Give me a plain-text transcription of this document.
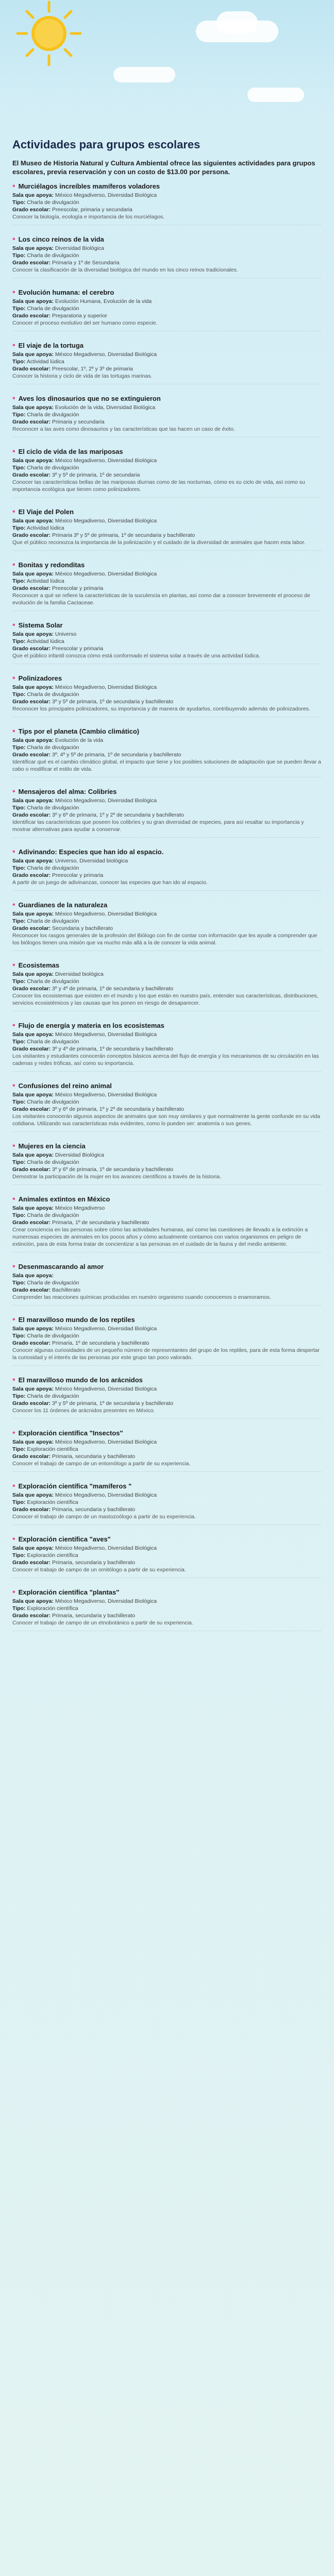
Actividades para grupos escolares

El Museo de Historia Natural y Cultura Ambiental ofrece las siguientes actividades para grupos escolares, previa reservación y con un costo de $13.00 por persona.

• Murciélagos increíbles mamíferos voladores
Sala que apoya: México Megadiverso, Diversidad Biológica
Tipo: Charla de divulgación
Grado escolar: Preescolar, primaria y secundaria
Conocer la biología, ecología e importancia de los murciélagos.
• Los cinco reinos de la vida
Sala que apoya: Diversidad Biológica
Tipo: Charla de divulgación
Grado escolar: Primaria y 1º de Secundaria
Conocer la clasificación de la diversidad biológica del mundo en los cinco reinos tradicionales.
• Evolución humana: el cerebro
Sala que apoya: Evolución Humana, Evolución de la vida
Tipo: Charla de divulgación
Grado escolar: Preparatoria y superior
Conocer el proceso evolutivo del ser humano como especie.
• El viaje de la tortuga
Sala que apoya: México Megadiverso, Diversidad Biológica
Tipo: Actividad lúdica
Grado escolar: Preescolar, 1º, 2º y 3º de primaria
Conocer la historia y ciclo de vida de las tortugas marinas.
• Aves los dinosaurios que no se extinguieron
Sala que apoya: Evolución de la vida, Diversidad Biológica
Tipo: Charla de divulgación
Grado escolar: Primaria y secundaria
Reconocer a las aves como dinosaurios y las características que las hacen un caso de éxito.
• El ciclo de vida de las mariposas
Sala que apoya: México Megadiverso, Diversidad Biológica
Tipo: Charla de divulgación
Grado escolar: 3º y 5º de primaria, 1º de secundaria
Conocer las características bellas de las mariposas diurnas como de las nocturnas, cómo es su ciclo de vida, así como su importancia ecológica que tienen como polinizadores.
• El Viaje del Polen
Sala que apoya: México Megadiverso, Diversidad Biológica
Tipo: Actividad lúdica
Grado escolar: Primaria 3º y 5º de primaria, 1º de secundaria y bachillerato
Que el público reconozca la importancia de la polinización y el cuidado de la diversidad de animales que hacen esta labor.
• Bonitas y redonditas
Sala que apoya: México Megadiverso, Diversidad Biológica
Tipo: Actividad lúdica
Grado escolar: Preescolar y primaria
Reconocer a qué se refiere la características de la suculencia en plantas, así como dar a conocer brevemente el proceso de evolución de la familia Cactaceae.
• Sistema Solar
Sala que apoya: Universo
Tipo: Actividad lúdica
Grado escolar: Preescolar y primaria
Que el público infantil conozca cómo está conformado el sistema solar a través de una actividad lúdica.
• Polinizadores
Sala que apoya: México Megadiverso, Diversidad Biológica
Tipo: Charla de divulgación
Grado escolar: 3º y 5º de primaria, 1º de secundaria y bachillerato
Reconocer los principales polinizadores, su importancia y de manera de ayudarlos, contribuyendo además de polinizadores.
• Tips por el planeta (Cambio climático)
Sala que apoya: Evolución de la vida
Tipo: Charla de divulgación
Grado escolar: 3º, 4º y 5º de primaria, 1º de secundaria y bachillerato
Identificar qué es el cambio climático global, el impacto que tiene y los posibles soluciones de adaptación que se pueden llevar a cabo o modificar el estilo de vida.
• Mensajeros del alma: Colibríes
Sala que apoya: México Megadiverso, Diversidad Biológica
Tipo: Charla de divulgación
Grado escolar: 3º y 6º de primaria, 1º y 2º de secundaria y bachillerato
Identificar las características que poseen los colibríes y su gran diversidad de especies, para así resaltar su importancia y mostrar alternativas para ayudar a conservar.
• Adivinando: Especies que han ido al espacio.
Sala que apoya: Universo, Diversidad biológica
Tipo: Charla de divulgación
Grado escolar: Preescolar y primaria
A partir de un juego de adivinanzas, conocer las especies que han ido al espacio.
• Guardianes de la naturaleza
Sala que apoya: México Megadiverso, Diversidad Biológica
Tipo: Charla de divulgación
Grado escolar: Secundaria y bachillerato
Reconocer los rasgos generales de la profesión del Biólogo con fin de contar con información que les ayude a comprender que los biólogos tienen una misión que va mucho más allá a la de conocer la vida animal.
• Ecosistemas
Sala que apoya: Diversidad biológica
Tipo: Charla de divulgación
Grado escolar: 3º y 4º de primaria, 1º de secundaria y bachillerato
Conocer los ecosistemas que existen en el mundo y los que están en nuestro país, entender sus características, distribuciones, servicios ecosistémicos y las causas que los ponen en riesgo de desaparecer.
• Flujo de energía y materia en los ecosistemas
Sala que apoya: México Megadiverso, Diversidad Biológica
Tipo: Charla de divulgación
Grado escolar: 3º y 4º de primaria, 1º de secundaria y bachillerato
Los visitantes y estudiantes conocerán conceptos básicos acerca del flujo de energía y los mecanismos de su circulación en las cadenas y redes tróficas, así como su importancia.
• Confusiones del reino animal
Sala que apoya: México Megadiverso, Diversidad Biológica
Tipo: Charla de divulgación
Grado escolar: 3º y 6º de primaria, 1º y 2º de secundaria y bachillerato
Los visitantes conocerán algunos aspectos de animales que son muy similares y que normalmente la gente confunde en su vida cotidiana. Utilizando sus características más evidentes, como lo pueden ser: anatomía o sus genes.
• Mujeres en la ciencia
Sala que apoya: Diversidad Biológica
Tipo: Charla de divulgación
Grado escolar: 3º y 6º de primaria, 1º de secundaria y bachillerato
Demostrar la participación de la mujer en los avances científicos a través de la historia.
• Animales extintos en México
Sala que apoya: México Megadiverso
Tipo: Charla de divulgación
Grado escolar: Primaria, 1º de secundaria y bachillerato
Crear conciencia en las personas sobre cómo las actividades humanas, así como las cuestiones de llevado a la extinción a numerosas especies de animales en los pocos años y cómo actualmente contamos con varios organismos en peligro de extinción, para de esta forma tratar de concientizar a las personas en el cuidado de la fauna y del medio ambiente.
• Desenmascarando al amor
Sala que apoya:
Tipo: Charla de divulgación
Grado escolar: Bachillerato
Comprender las reacciones químicas producidas en nuestro organismo cuando conocemos o enamoramos.
• El maravilloso mundo de los reptiles
Sala que apoya: México Megadiverso, Diversidad Biológica
Tipo: Charla de divulgación
Grado escolar: Primaria, 1º de secundaria y bachillerato
Conocer algunas curiosidades de un pequeño número de representantes del grupo de los reptiles, para de esta forma despertar la curiosidad y el interés de las personas por este grupo tan poco valorado.
• El maravilloso mundo de los arácnidos
Sala que apoya: México Megadiverso, Diversidad Biológica
Tipo: Charla de divulgación
Grado escolar: 3º y 5º de primaria, 1º de secundaria y bachillerato
Conocer los 11 órdenes de arácnidos presentes en México.
• Exploración científica "Insectos"
Sala que apoya: México Megadiverso, Diversidad Biológica
Tipo: Exploración científica
Grado escolar: Primaria, secundaria y bachillerato
Conocer el trabajo de campo de un entomólogo a partir de su experiencia.
• Exploración científica "mamíferos "
Sala que apoya: México Megadiverso, Diversidad Biológica
Tipo: Exploración científica
Grado escolar: Primaria, secundaria y bachillerato
Conocer el trabajo de campo de un mastozoólogo a partir de su experiencia.
• Exploración científica "aves"
Sala que apoya: México Megadiverso, Diversidad Biológica
Tipo: Exploración científica
Grado escolar: Primaria, secundaria y bachillerato
Conocer el trabajo de campo de un ornitólogo a partir de su experiencia.
• Exploración científica "plantas"
Sala que apoya: México Megadiverso, Diversidad Biológica
Tipo: Exploración científica
Grado escolar: Primaria, secundaria y bachillerato
Conocer el trabajo de campo de un etnobotánico a partir de su experiencia.
